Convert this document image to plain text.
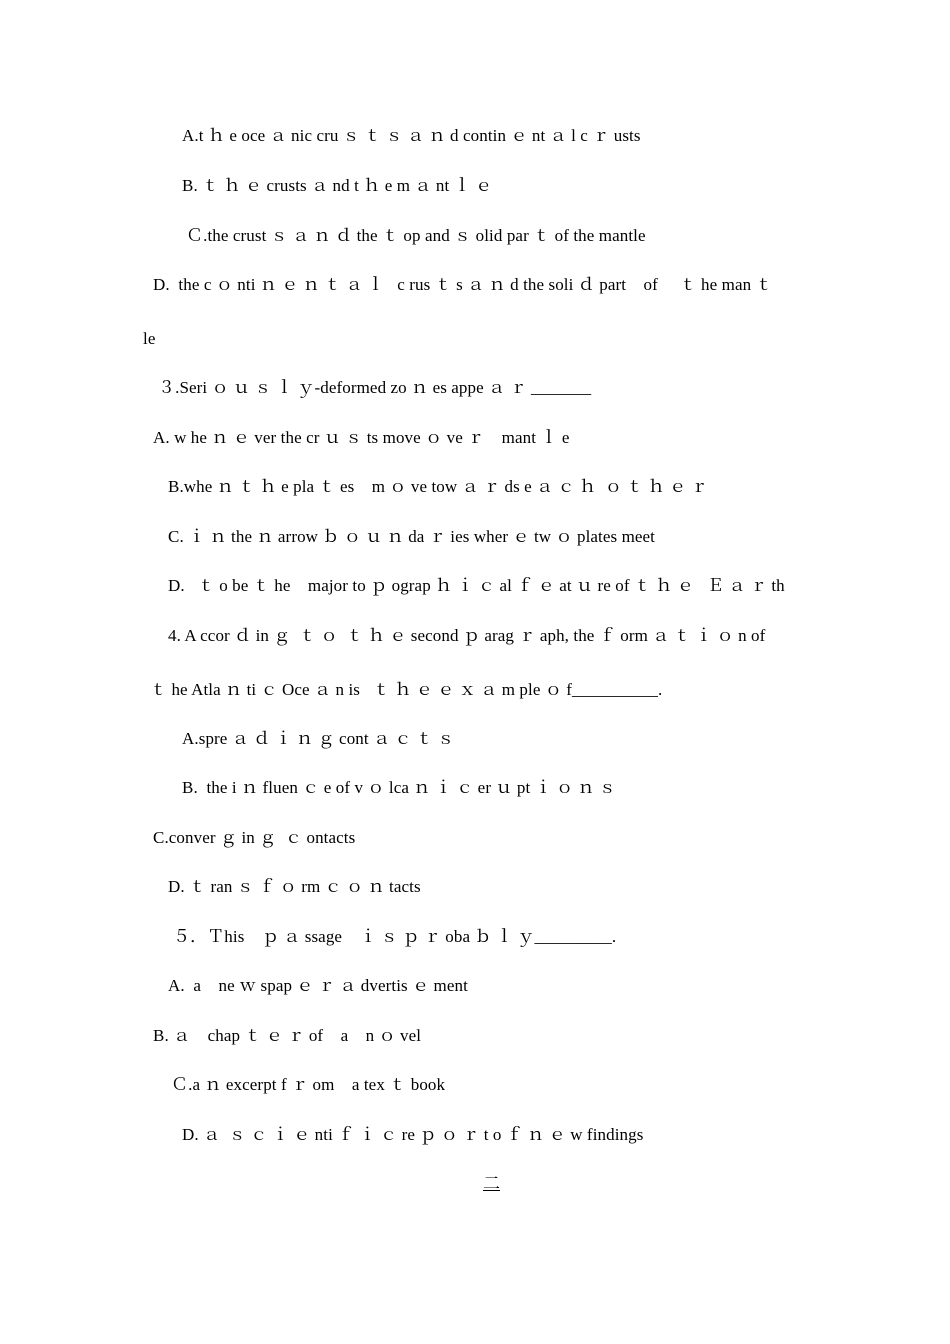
A.t ｈ e oce ａ nic cru ｓ ｔ ｓ ａ ｎ d contin ｅ nt ａ l c ｒ usts
B. ｔ ｈ ｅ crusts ａ nd t ｈ e m ａ nt ｌ ｅ
Ｃ.the crust ｓ ａ ｎ ｄ the ｔ op and ｓ olid par ｔ of the mantle
D.  the c ｏ nti ｎ ｅ ｎ ｔ ａ ｌ   c rus ｔ s ａ ｎ d the soli ｄ part    of     ｔ he man ｔ
le
３.Seri ｏ ｕ ｓ ｌ ｙ-deformed zo ｎ es appe ａ ｒ _______
A. w he ｎ ｅ ver the cr ｕ ｓ ts move ｏ ve ｒ    mant ｌ e
B.whe ｎ ｔ ｈ e pla ｔ es    m ｏ ve tow ａ ｒ ds e ａ ｃ ｈ  ｏ ｔ ｈ ｅ ｒ
C. ｉ ｎ the ｎ arrow ｂ ｏ ｕ ｎ da ｒ ies wher ｅ tw ｏ plates meet
D.   ｔ o be ｔ he    major to ｐ ograp ｈ ｉ ｃ al ｆ ｅ at ｕ re of ｔ ｈ ｅ   Ｅ ａ ｒ th
4. A ccor ｄ in ｇ  ｔ ｏ  ｔ ｈ ｅ second ｐ arag ｒ aph, the ｆ orm ａ ｔ ｉ ｏ n of
ｔ he Atla ｎ ti ｃ Oce ａ n is   ｔ ｈ ｅ ｅ ｘ ａ m ple ｏ f__________.
A.spre ａ ｄ ｉ ｎ ｇ cont ａ ｃ ｔ ｓ
B.  the i ｎ fluen ｃ e of v ｏ lca ｎ ｉ ｃ er ｕ pt ｉ ｏ ｎ ｓ
C.conver ｇ in ｇ  ｃ ontacts
D. ｔ ran ｓ ｆ ｏ rm ｃ ｏ ｎ tacts
５．Ｔhis    ｐ ａ ssage    ｉ ｓ ｐ ｒ oba ｂ ｌ ｙ_________.
A.  a    ne ｗ spap ｅ ｒ ａ dvertis ｅ ment
B. ａ    chap ｔ ｅ ｒ of    a    n ｏ vel
Ｃ.a ｎ excerpt f ｒ om    a tex ｔ book
D. ａ  ｓ ｃ ｉ ｅ nti ｆ ｉ ｃ re ｐ ｏ ｒ t o ｆ ｎ ｅ w findings
二
